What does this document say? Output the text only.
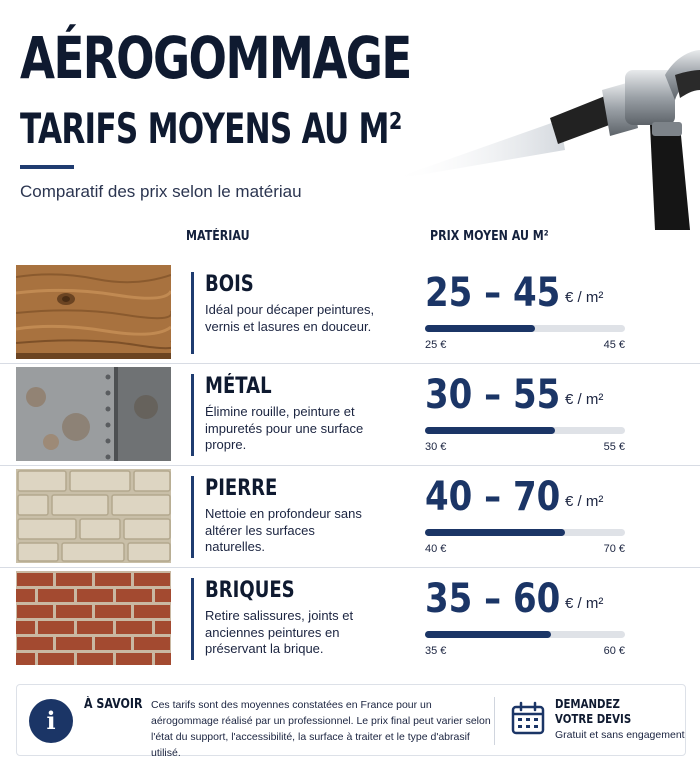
AÉROGOMMAGE
TARIFS MOYENS AU M²
Comparatif des prix selon le matériau
MATÉRIAU	PRIX MOYEN AU M²
BOIS
Idéal pour décaper peintures, vernis et lasures en douceur.
25 – 45 € / m²
25 €	45 €
MÉTAL
Élimine rouille, peinture et impuretés pour une surface propre.
30 – 55 € / m²
30 €	55 €
PIERRE
Nettoie en profondeur sans altérer les surfaces naturelles.
40 – 70 € / m²
40 €	70 €
BRIQUES
Retire salissures, joints et anciennes peintures en préservant la brique.
35 – 60 € / m²
35 €	60 €
i
À SAVOIR Ces tarifs sont des moyennes constatées en France pour un aérogommage réalisé par un professionnel. Le prix final peut varier selon l'état du support, l'accessibilité, la surface à traiter et le type d'abrasif utilisé.
DEMANDEZ
VOTRE DEVIS
Gratuit et sans engagement
